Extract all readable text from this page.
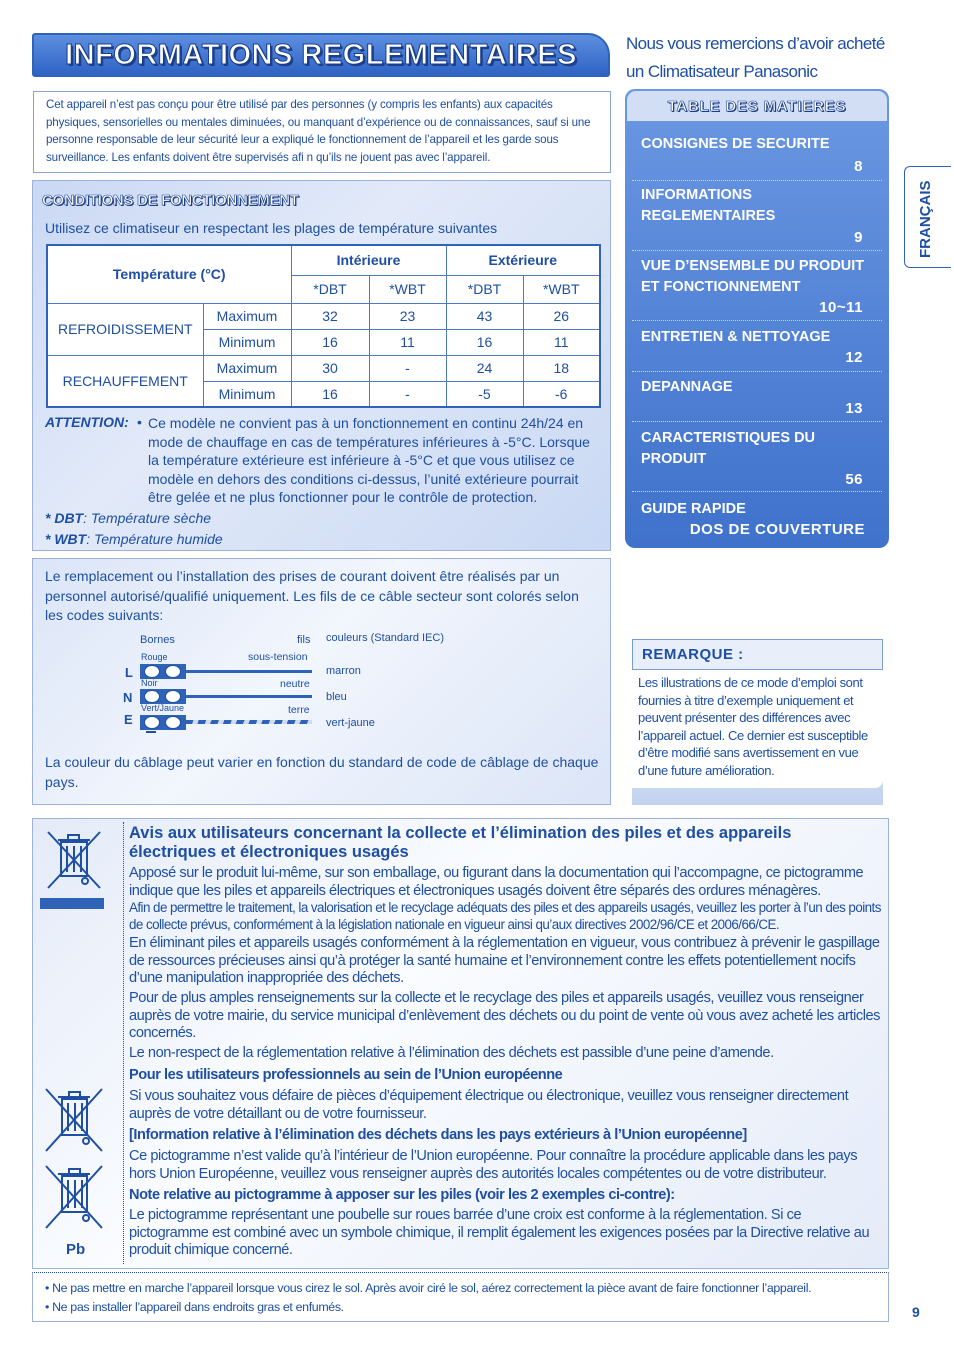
INFORMATIONS REGLEMENTAIRES	Nous vous remercions d’avoir acheté
un Climatisateur Panasonic
Cet appareil n’est pas conçu pour être utilisé par des personnes (y compris les enfants) aux capacités physiques, sensorielles ou mentales diminuées, ou manquant d’expérience ou de connaissances, sauf si une personne responsable de leur sécurité leur a expliqué le fonctionnement de l’appareil et les garde sous surveillance. Les enfants doivent être supervisés afi n qu’ils ne jouent pas avec l’appareil.
CONDITIONS DE FONCTIONNEMENT
Utilisez ce climatiseur en respectant les plages de température suivantes
Température (°C)		Intérieure		Extérieure	
		*DBT	*WBT	*DBT	*WBT
REFROIDISSEMENT	Maximum	32	23	43	26
	Minimum	16	11	16	11
RECHAUFFEMENT	Maximum	30	-	24	18
	Minimum	16	-	-5	-6
ATTENTION: • Ce modèle ne convient pas à un fonctionnement en continu 24h/24 en mode de chauffage en cas de températures inférieures à -5°C. Lorsque la température extérieure est inférieure à -5°C et que vous utilisez ce modèle en dehors des conditions ci-dessus, l’unité extérieure pourrait être gelée et ne plus fonctionner pour le contrôle de protection.
* DBT: Température sèche
* WBT: Température humide
Le remplacement ou l’installation des prises de courant doivent être réalisés par un personnel autorisé/qualifié uniquement. Les fils de ce câble secteur sont colorés selon les codes suivants:
Bornes	fils couleurs (Standard IEC)
Rouge	sous-tension
L	marron
Noir	neutre
N	bleu
Vert/Jaune	terre
E	vert-jaune
La couleur du câblage peut varier en fonction du standard de code de câblage de chaque pays.
TABLE DES MATIERES
CONSIGNES DE SECURITE
8
INFORMATIONS REGLEMENTAIRES
9
VUE D’ENSEMBLE DU PRODUIT ET FONCTIONNEMENT
10~11
ENTRETIEN & NETTOYAGE
12
DEPANNAGE
13
CARACTERISTIQUES DU PRODUIT
56
GUIDE RAPIDE
DOS DE COUVERTURE
FRANÇAIS
REMARQUE :
Les illustrations de ce mode d’emploi sont fournies à titre d’exemple uniquement et peuvent présenter des différences avec l’appareil actuel. Ce dernier est susceptible d’être modifié sans avertissement en vue d’une future amélioration.
Pb
Avis aux utilisateurs concernant la collecte et l’élimination des piles et des appareils électriques et électroniques usagés
Apposé sur le produit lui-même, sur son emballage, ou figurant dans la documentation qui l’accompagne, ce pictogramme indique que les piles et appareils électriques et électroniques usagés doivent être séparés des ordures ménagères.
Afin de permettre le traitement, la valorisation et le recyclage adéquats des piles et des appareils usagés, veuillez les porter à l’un des points de collecte prévus, conformément à la législation nationale en vigueur ainsi qu’aux directives 2002/96/CE et 2006/66/CE.
En éliminant piles et appareils usagés conformément à la réglementation en vigueur, vous contribuez à prévenir le gaspillage de ressources précieuses ainsi qu’à protéger la santé humaine et l’environnement contre les effets potentiellement nocifs d’une manipulation inappropriée des déchets.
Pour de plus amples renseignements sur la collecte et le recyclage des piles et appareils usagés, veuillez vous renseigner auprès de votre mairie, du service municipal d’enlèvement des déchets ou du point de vente où vous avez acheté les articles concernés.
Le non-respect de la réglementation relative à l’élimination des déchets est passible d’une peine d’amende.
Pour les utilisateurs professionnels au sein de l’Union européenne
Si vous souhaitez vous défaire de pièces d’équipement électrique ou électronique, veuillez vous renseigner directement auprès de votre détaillant ou de votre fournisseur.
[Information relative à l’élimination des déchets dans les pays extérieurs à l’Union européenne]
Ce pictogramme n’est valide qu’à l’intérieur de l’Union européenne. Pour connaître la procédure applicable dans les pays hors Union Européenne, veuillez vous renseigner auprès des autorités locales compétentes ou de votre distributeur.
Note relative au pictogramme à apposer sur les piles (voir les 2 exemples ci-contre):
Le pictogramme représentant une poubelle sur roues barrée d’une croix est conforme à la réglementation. Si ce pictogramme est combiné avec un symbole chimique, il remplit également les exigences posées par la Directive relative au produit chimique concerné.
• Ne pas mettre en marche l’appareil lorsque vous cirez le sol. Après avoir ciré le sol, aérez correctement la pièce avant de faire fonctionner l’appareil.
• Ne pas installer l’appareil dans endroits gras et enfumés.	9
